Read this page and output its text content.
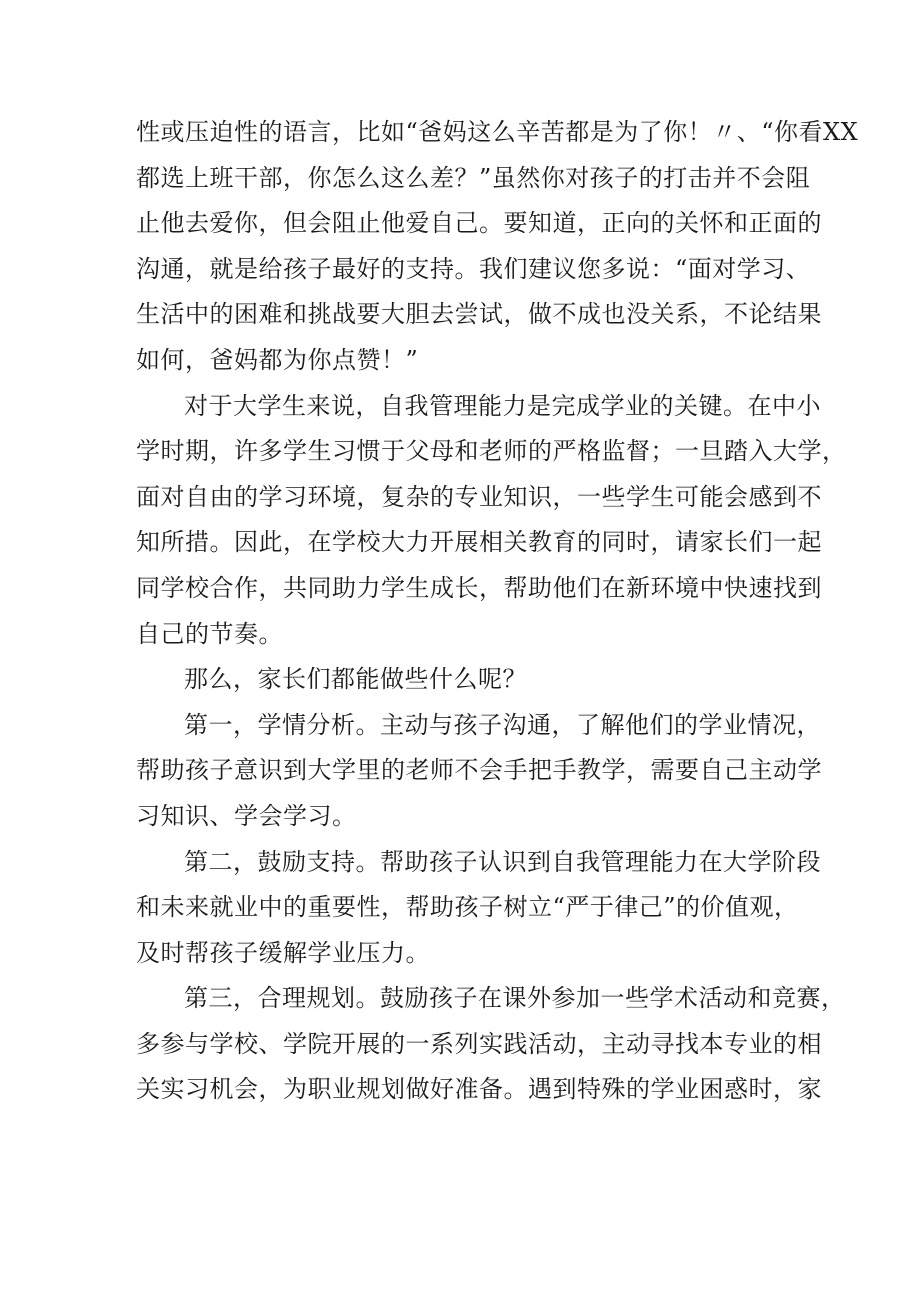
性或压迫性的语言，比如“爸妈这么辛苦都是为了你！〃、“你看XX
都选上班干部，你怎么这么差？”虽然你对孩子的打击并不会阻
止他去爱你，但会阻止他爱自己。要知道，正向的关怀和正面的
沟通，就是给孩子最好的支持。我们建议您多说：“面对学习、
生活中的困难和挑战要大胆去尝试，做不成也没关系，不论结果
如何，爸妈都为你点赞！”
对于大学生来说，自我管理能力是完成学业的关键。在中小
学时期，许多学生习惯于父母和老师的严格监督；一旦踏入大学，
面对自由的学习环境，复杂的专业知识，一些学生可能会感到不
知所措。因此，在学校大力开展相关教育的同时，请家长们一起
同学校合作，共同助力学生成长，帮助他们在新环境中快速找到
自己的节奏。
那么，家长们都能做些什么呢？
第一，学情分析。主动与孩子沟通，了解他们的学业情况，
帮助孩子意识到大学里的老师不会手把手教学，需要自己主动学
习知识、学会学习。
第二，鼓励支持。帮助孩子认识到自我管理能力在大学阶段
和未来就业中的重要性，帮助孩子树立“严于律己”的价值观，
及时帮孩子缓解学业压力。
第三，合理规划。鼓励孩子在课外参加一些学术活动和竞赛，
多参与学校、学院开展的一系列实践活动，主动寻找本专业的相
关实习机会，为职业规划做好准备。遇到特殊的学业困惑时，家
